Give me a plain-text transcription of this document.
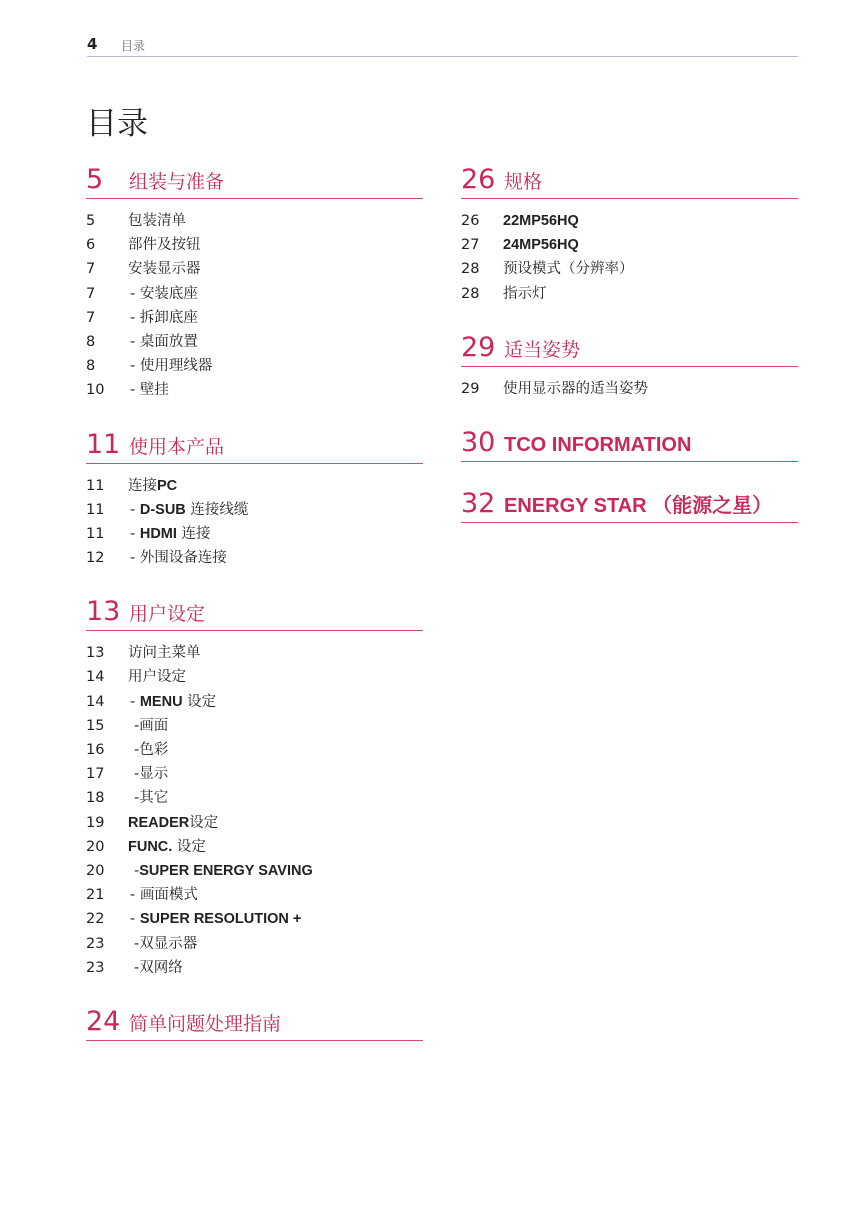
4 目录
目录
5 组装与准备
5 包装清单
6 部件及按钮
7 安装显示器
7 - 安装底座
7 - 拆卸底座
8 - 桌面放置
8 - 使用理线器
10 - 壁挂
11 使用本产品
11 连接PC
11 - D-SUB 连接线缆
11 - HDMI 连接
12 - 外围设备连接
13 用户设定
13 访问主菜单
14 用户设定
14 - MENU 设定
15 -画面
16 -色彩
17 -显示
18 -其它
19 READER设定
20 FUNC. 设定
20 -SUPER ENERGY SAVING
21 - 画面模式
22 - SUPER RESOLUTION +
23 -双显示器
23 -双网络
24 简单问题处理指南
26 规格
26 22MP56HQ
27 24MP56HQ
28 预设模式（分辨率）
28 指示灯
29 适当姿势
29 使用显示器的适当姿势
30 TCO INFORMATION
32 ENERGY STAR （能源之星）
